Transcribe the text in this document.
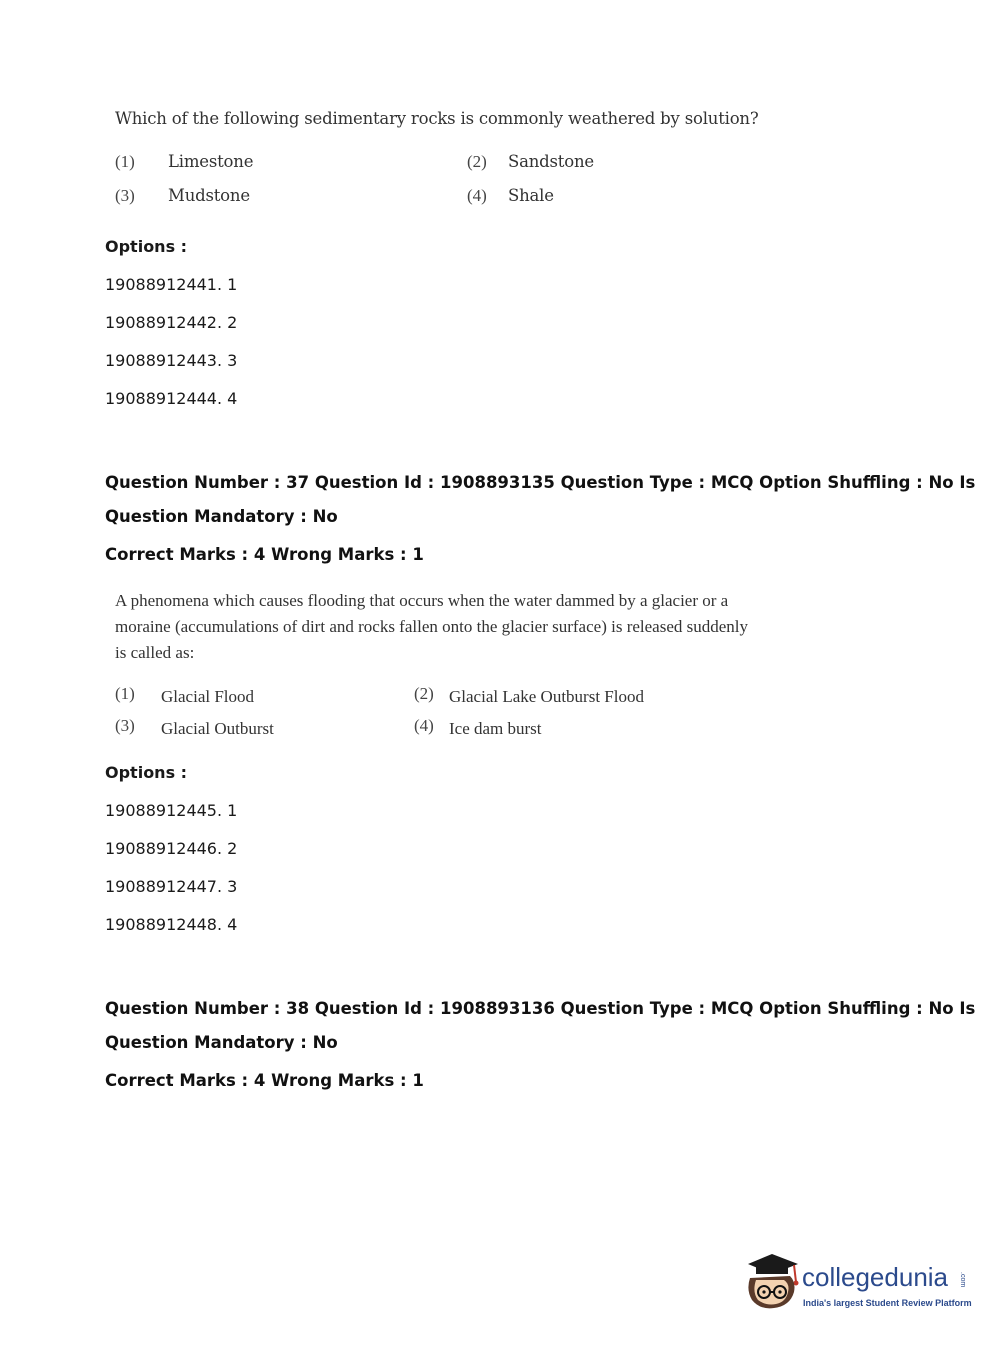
Which of the following sedimentary rocks is commonly weathered by solution?
(1) Limestone	(2) Sandstone
(3) Mudstone	(4) Shale
Options :
19088912441. 1
19088912442. 2
19088912443. 3
19088912444. 4
Question Number : 37 Question Id : 1908893135 Question Type : MCQ Option Shuffling : No Is
Question Mandatory : No
Correct Marks : 4 Wrong Marks : 1
A phenomena which causes flooding that occurs when the water dammed by a glacier or a
moraine (accumulations of dirt and rocks fallen onto the glacier surface) is released suddenly
is called as:
(1) Glacial Flood	(2) Glacial Lake Outburst Flood
(3) Glacial Outburst	(4) Ice dam burst
Options :
19088912445. 1
19088912446. 2
19088912447. 3
19088912448. 4
Question Number : 38 Question Id : 1908893136 Question Type : MCQ Option Shuffling : No Is
Question Mandatory : No
Correct Marks : 4 Wrong Marks : 1
collegedunia .com
India's largest Student Review Platform
